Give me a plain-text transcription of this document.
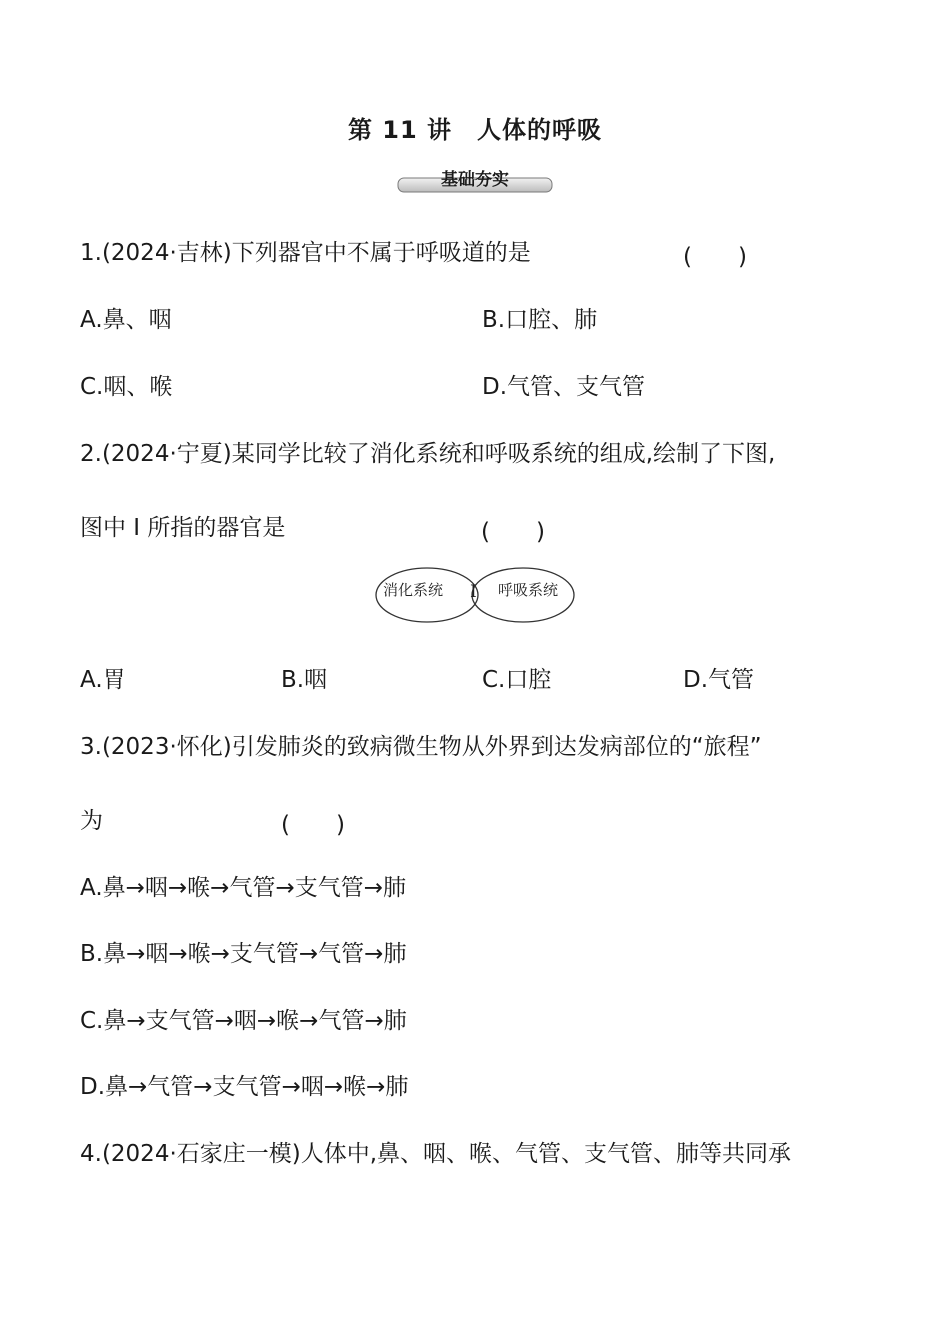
第 11 讲　人体的呼吸
基础夯实
1.(2024·吉林)下列器官中不属于呼吸道的是	(　　)
A.鼻、咽	B.口腔、肺
C.咽、喉	D.气管、支气管
2.(2024·宁夏)某同学比较了消化系统和呼吸系统的组成,绘制了下图,
图中 I 所指的器官是	(　　)
消化系统 I 呼吸系统
A.胃	B.咽	C.口腔	D.气管
3.(2023·怀化)引发肺炎的致病微生物从外界到达发病部位的“旅程”
为	(　　)
A.鼻→咽→喉→气管→支气管→肺
B.鼻→咽→喉→支气管→气管→肺
C.鼻→支气管→咽→喉→气管→肺
D.鼻→气管→支气管→咽→喉→肺
4.(2024·石家庄一模)人体中,鼻、咽、喉、气管、支气管、肺等共同承
